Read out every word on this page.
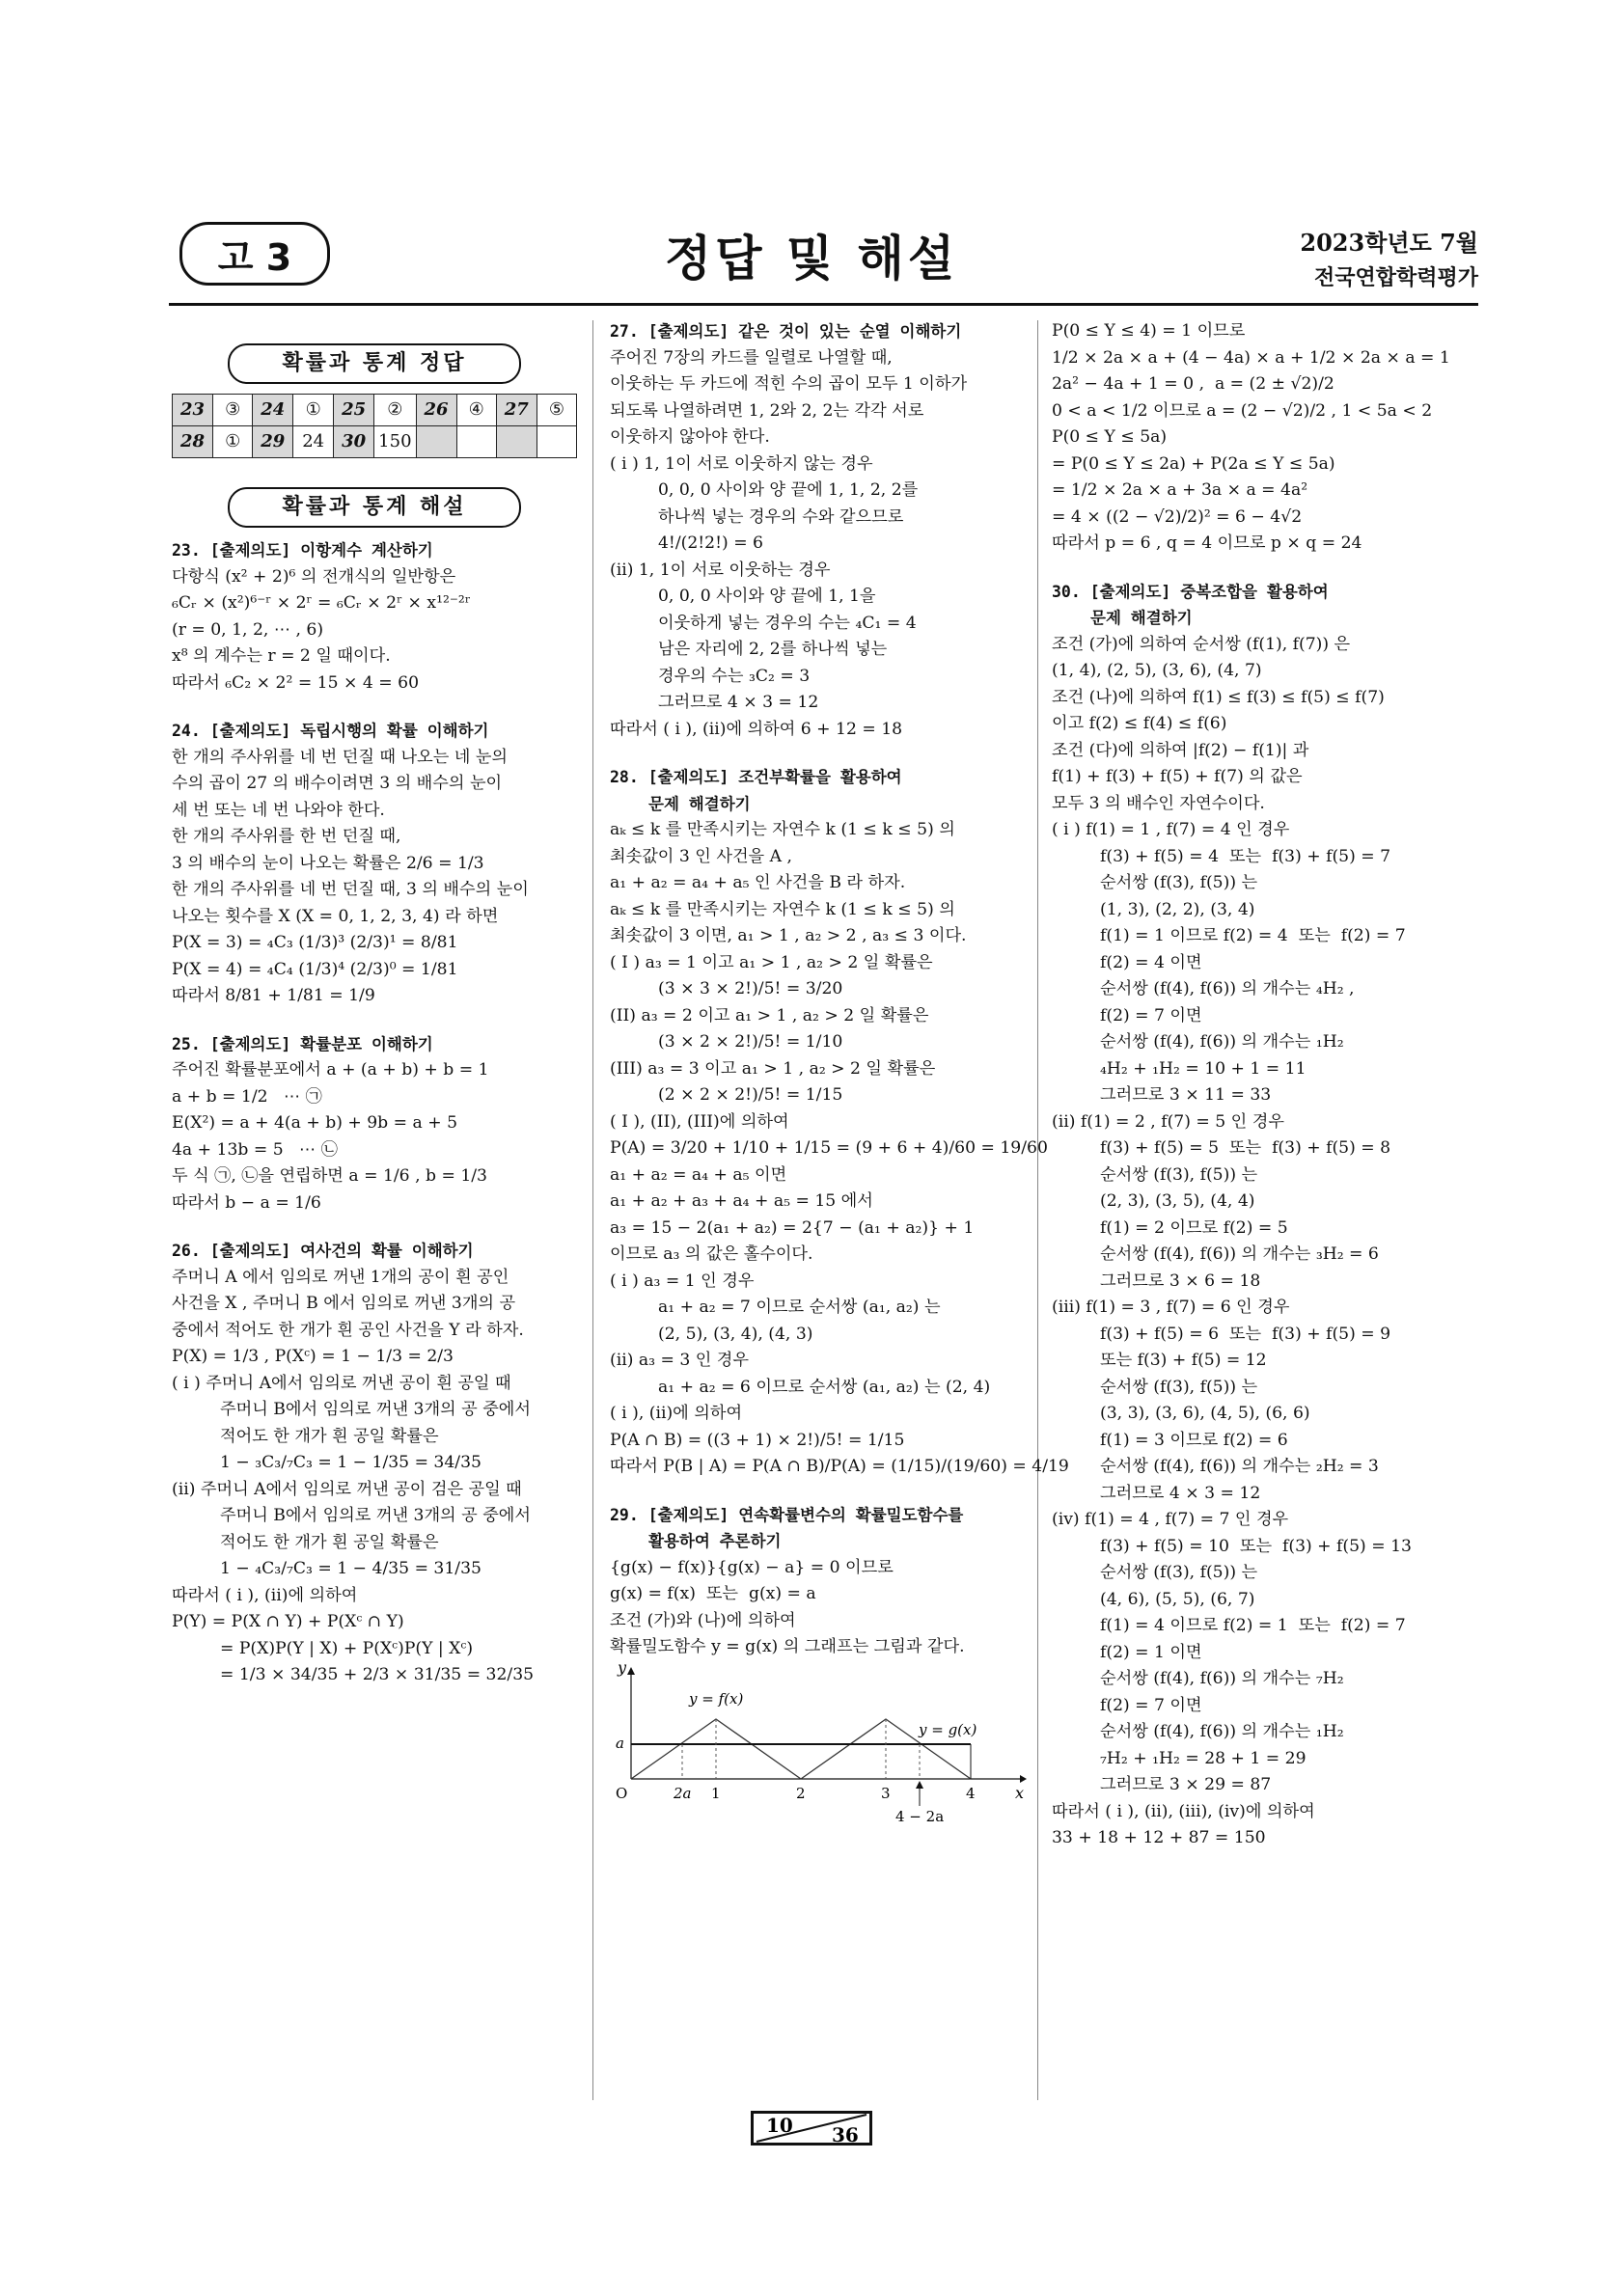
고 3	정답 및 해설	2023학년도 7월
전국연합학력평가
확률과 통계 정답
23	③	24	①	25	②	26	④	27	⑤
28	①	29	24	30	150				
확률과 통계 해설
23. [출제의도] 이항계수 계산하기
다항식 (x² + 2)⁶ 의 전개식의 일반항은
₆Cᵣ × (x²)⁶⁻ʳ × 2ʳ = ₆Cᵣ × 2ʳ × x¹²⁻²ʳ
(r = 0, 1, 2, ⋯ , 6)
x⁸ 의 계수는 r = 2 일 때이다.
따라서 ₆C₂ × 2² = 15 × 4 = 60
24. [출제의도] 독립시행의 확률 이해하기
한 개의 주사위를 네 번 던질 때 나오는 네 눈의
수의 곱이 27 의 배수이려면 3 의 배수의 눈이
세 번 또는 네 번 나와야 한다.
한 개의 주사위를 한 번 던질 때,
3 의 배수의 눈이 나오는 확률은 2/6 = 1/3
한 개의 주사위를 네 번 던질 때, 3 의 배수의 눈이
나오는 횟수를 X (X = 0, 1, 2, 3, 4) 라 하면
P(X = 3) = ₄C₃ (1/3)³ (2/3)¹ = 8/81
P(X = 4) = ₄C₄ (1/3)⁴ (2/3)⁰ = 1/81
따라서 8/81 + 1/81 = 1/9
25. [출제의도] 확률분포 이해하기
주어진 확률분포에서 a + (a + b) + b = 1
a + b = 1/2   ⋯ ㉠
E(X²) = a + 4(a + b) + 9b = a + 5
4a + 13b = 5   ⋯ ㉡
두 식 ㉠, ㉡을 연립하면 a = 1/6 , b = 1/3
따라서 b − a = 1/6
26. [출제의도] 여사건의 확률 이해하기
주머니 A 에서 임의로 꺼낸 1개의 공이 흰 공인
사건을 X , 주머니 B 에서 임의로 꺼낸 3개의 공
중에서 적어도 한 개가 흰 공인 사건을 Y 라 하자.
P(X) = 1/3 , P(Xᶜ) = 1 − 1/3 = 2/3
( i ) 주머니 A에서 임의로 꺼낸 공이 흰 공일 때
주머니 B에서 임의로 꺼낸 3개의 공 중에서
적어도 한 개가 흰 공일 확률은
1 − ₃C₃/₇C₃ = 1 − 1/35 = 34/35
(ii) 주머니 A에서 임의로 꺼낸 공이 검은 공일 때
주머니 B에서 임의로 꺼낸 3개의 공 중에서
적어도 한 개가 흰 공일 확률은
1 − ₄C₃/₇C₃ = 1 − 4/35 = 31/35
따라서 ( i ), (ii)에 의하여
P(Y) = P(X ∩ Y) + P(Xᶜ ∩ Y)
= P(X)P(Y | X) + P(Xᶜ)P(Y | Xᶜ)
= 1/3 × 34/35 + 2/3 × 31/35 = 32/35
27. [출제의도] 같은 것이 있는 순열 이해하기
주어진 7장의 카드를 일렬로 나열할 때,
이웃하는 두 카드에 적힌 수의 곱이 모두 1 이하가
되도록 나열하려면 1, 2와 2, 2는 각각 서로
이웃하지 않아야 한다.
( i ) 1, 1이 서로 이웃하지 않는 경우
0, 0, 0 사이와 양 끝에 1, 1, 2, 2를
하나씩 넣는 경우의 수와 같으므로
4!/(2!2!) = 6
(ii) 1, 1이 서로 이웃하는 경우
0, 0, 0 사이와 양 끝에 1, 1을
이웃하게 넣는 경우의 수는 ₄C₁ = 4
남은 자리에 2, 2를 하나씩 넣는
경우의 수는 ₃C₂ = 3
그러므로 4 × 3 = 12
따라서 ( i ), (ii)에 의하여 6 + 12 = 18
28. [출제의도] 조건부확률을 활용하여
문제 해결하기
aₖ ≤ k 를 만족시키는 자연수 k (1 ≤ k ≤ 5) 의
최솟값이 3 인 사건을 A ,
a₁ + a₂ = a₄ + a₅ 인 사건을 B 라 하자.
aₖ ≤ k 를 만족시키는 자연수 k (1 ≤ k ≤ 5) 의
최솟값이 3 이면, a₁ > 1 , a₂ > 2 , a₃ ≤ 3 이다.
( I ) a₃ = 1 이고 a₁ > 1 , a₂ > 2 일 확률은
(3 × 3 × 2!)/5! = 3/20
(II) a₃ = 2 이고 a₁ > 1 , a₂ > 2 일 확률은
(3 × 2 × 2!)/5! = 1/10
(III) a₃ = 3 이고 a₁ > 1 , a₂ > 2 일 확률은
(2 × 2 × 2!)/5! = 1/15
( I ), (II), (III)에 의하여
P(A) = 3/20 + 1/10 + 1/15 = (9 + 6 + 4)/60 = 19/60
a₁ + a₂ = a₄ + a₅ 이면
a₁ + a₂ + a₃ + a₄ + a₅ = 15 에서
a₃ = 15 − 2(a₁ + a₂) = 2{7 − (a₁ + a₂)} + 1
이므로 a₃ 의 값은 홀수이다.
( i ) a₃ = 1 인 경우
a₁ + a₂ = 7 이므로 순서쌍 (a₁, a₂) 는
(2, 5), (3, 4), (4, 3)
(ii) a₃ = 3 인 경우
a₁ + a₂ = 6 이므로 순서쌍 (a₁, a₂) 는 (2, 4)
( i ), (ii)에 의하여
P(A ∩ B) = ((3 + 1) × 2!)/5! = 1/15
따라서 P(B | A) = P(A ∩ B)/P(A) = (1/15)/(19/60) = 4/19
29. [출제의도] 연속확률변수의 확률밀도함수를
활용하여 추론하기
{g(x) − f(x)}{g(x) − a} = 0 이므로
g(x) = f(x)  또는  g(x) = a
조건 (가)와 (나)에 의하여
확률밀도함수 y = g(x) 의 그래프는 그림과 같다.
y
x
O
a
y = f(x)
y = g(x)
2a 1	2	3	4
4 − 2a
P(0 ≤ Y ≤ 4) = 1 이므로
1/2 × 2a × a + (4 − 4a) × a + 1/2 × 2a × a = 1
2a² − 4a + 1 = 0 ,  a = (2 ± √2)/2
0 < a < 1/2 이므로 a = (2 − √2)/2 , 1 < 5a < 2
P(0 ≤ Y ≤ 5a)
= P(0 ≤ Y ≤ 2a) + P(2a ≤ Y ≤ 5a)
= 1/2 × 2a × a + 3a × a = 4a²
= 4 × ((2 − √2)/2)² = 6 − 4√2
따라서 p = 6 , q = 4 이므로 p × q = 24
30. [출제의도] 중복조합을 활용하여
문제 해결하기
조건 (가)에 의하여 순서쌍 (f(1), f(7)) 은
(1, 4), (2, 5), (3, 6), (4, 7)
조건 (나)에 의하여 f(1) ≤ f(3) ≤ f(5) ≤ f(7)
이고 f(2) ≤ f(4) ≤ f(6)
조건 (다)에 의하여 |f(2) − f(1)| 과
f(1) + f(3) + f(5) + f(7) 의 값은
모두 3 의 배수인 자연수이다.
( i ) f(1) = 1 , f(7) = 4 인 경우
f(3) + f(5) = 4  또는  f(3) + f(5) = 7
순서쌍 (f(3), f(5)) 는
(1, 3), (2, 2), (3, 4)
f(1) = 1 이므로 f(2) = 4  또는  f(2) = 7
f(2) = 4 이면
순서쌍 (f(4), f(6)) 의 개수는 ₄H₂ ,
f(2) = 7 이면
순서쌍 (f(4), f(6)) 의 개수는 ₁H₂
₄H₂ + ₁H₂ = 10 + 1 = 11
그러므로 3 × 11 = 33
(ii) f(1) = 2 , f(7) = 5 인 경우
f(3) + f(5) = 5  또는  f(3) + f(5) = 8
순서쌍 (f(3), f(5)) 는
(2, 3), (3, 5), (4, 4)
f(1) = 2 이므로 f(2) = 5
순서쌍 (f(4), f(6)) 의 개수는 ₃H₂ = 6
그러므로 3 × 6 = 18
(iii) f(1) = 3 , f(7) = 6 인 경우
f(3) + f(5) = 6  또는  f(3) + f(5) = 9
또는 f(3) + f(5) = 12
순서쌍 (f(3), f(5)) 는
(3, 3), (3, 6), (4, 5), (6, 6)
f(1) = 3 이므로 f(2) = 6
순서쌍 (f(4), f(6)) 의 개수는 ₂H₂ = 3
그러므로 4 × 3 = 12
(iv) f(1) = 4 , f(7) = 7 인 경우
f(3) + f(5) = 10  또는  f(3) + f(5) = 13
순서쌍 (f(3), f(5)) 는
(4, 6), (5, 5), (6, 7)
f(1) = 4 이므로 f(2) = 1  또는  f(2) = 7
f(2) = 1 이면
순서쌍 (f(4), f(6)) 의 개수는 ₇H₂
f(2) = 7 이면
순서쌍 (f(4), f(6)) 의 개수는 ₁H₂
₇H₂ + ₁H₂ = 28 + 1 = 29
그러므로 3 × 29 = 87
따라서 ( i ), (ii), (iii), (iv)에 의하여
33 + 18 + 12 + 87 = 150
10 36
